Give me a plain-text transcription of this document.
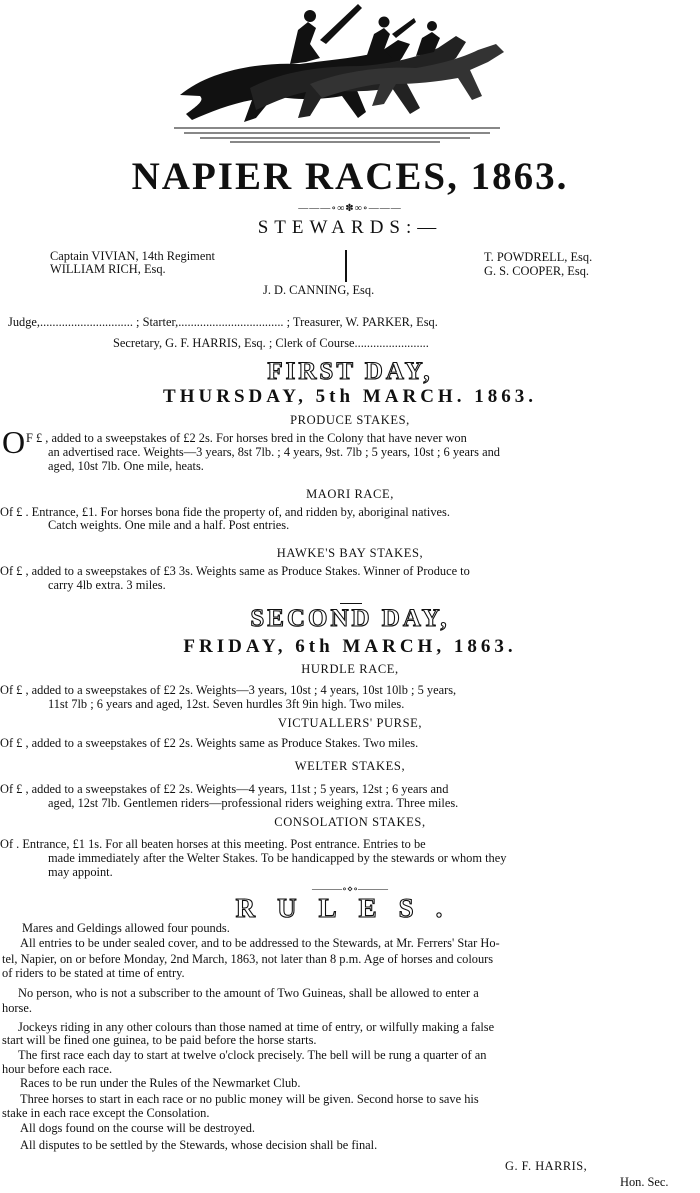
NAPIER RACES, 1863.
———∘∞✽∞∘———
STEWARDS:—
Captain VIVIAN, 14th Regiment
WILLIAM RICH, Esq.
T. POWDRELL, Esq.
G. S. COOPER, Esq.
J. D. CANNING, Esq.
Judge,.............................. ; Starter,.................................. ; Treasurer, W. PARKER, Esq.
Secretary, G. F. HARRIS, Esq. ; Clerk of Course........................
FIRST DAY,
THURSDAY, 5th MARCH. 1863.
PRODUCE STAKES,
O F £ , added to a sweepstakes of £2 2s. For horses bred in the Colony that have never won
an advertised race. Weights—3 years, 8st 7lb. ; 4 years, 9st. 7lb ; 5 years, 10st ; 6 years and
aged, 10st 7lb. One mile, heats.
MAORI RACE,
Of £ . Entrance, £1. For horses bona fide the property of, and ridden by, aboriginal natives.
Catch weights. One mile and a half. Post entries.
HAWKE'S BAY STAKES,
Of £ , added to a sweepstakes of £3 3s. Weights same as Produce Stakes. Winner of Produce to
carry 4lb extra. 3 miles.
SECOND DAY,
FRIDAY, 6th MARCH, 1863.
HURDLE RACE,
Of £ , added to a sweepstakes of £2 2s. Weights—3 years, 10st ; 4 years, 10st 10lb ; 5 years,
11st 7lb ; 6 years and aged, 12st. Seven hurdles 3ft 9in high. Two miles.
VICTUALLERS' PURSE,
Of £ , added to a sweepstakes of £2 2s. Weights same as Produce Stakes. Two miles.
WELTER STAKES,
Of £ , added to a sweepstakes of £2 2s. Weights—4 years, 11st ; 5 years, 12st ; 6 years and
aged, 12st 7lb. Gentlemen riders—professional riders weighing extra. Three miles.
CONSOLATION STAKES,
Of . Entrance, £1 1s. For all beaten horses at this meeting. Post entrance. Entries to be
made immediately after the Welter Stakes. To be handicapped by the stewards or whom they
may appoint.
———∘⋄∘———
RULES.
Mares and Geldings allowed four pounds.
All entries to be under sealed cover, and to be addressed to the Stewards, at Mr. Ferrers' Star Ho-
tel, Napier, on or before Monday, 2nd March, 1863, not later than 8 p.m. Age of horses and colours
of riders to be stated at time of entry.
No person, who is not a subscriber to the amount of Two Guineas, shall be allowed to enter a
horse.
Jockeys riding in any other colours than those named at time of entry, or wilfully making a false
start will be fined one guinea, to be paid before the horse starts.
The first race each day to start at twelve o'clock precisely. The bell will be rung a quarter of an
hour before each race.
Races to be run under the Rules of the Newmarket Club.
Three horses to start in each race or no public money will be given. Second horse to save his
stake in each race except the Consolation.
All dogs found on the course will be destroyed.
All disputes to be settled by the Stewards, whose decision shall be final.
G. F. HARRIS,
Hon. Sec.
